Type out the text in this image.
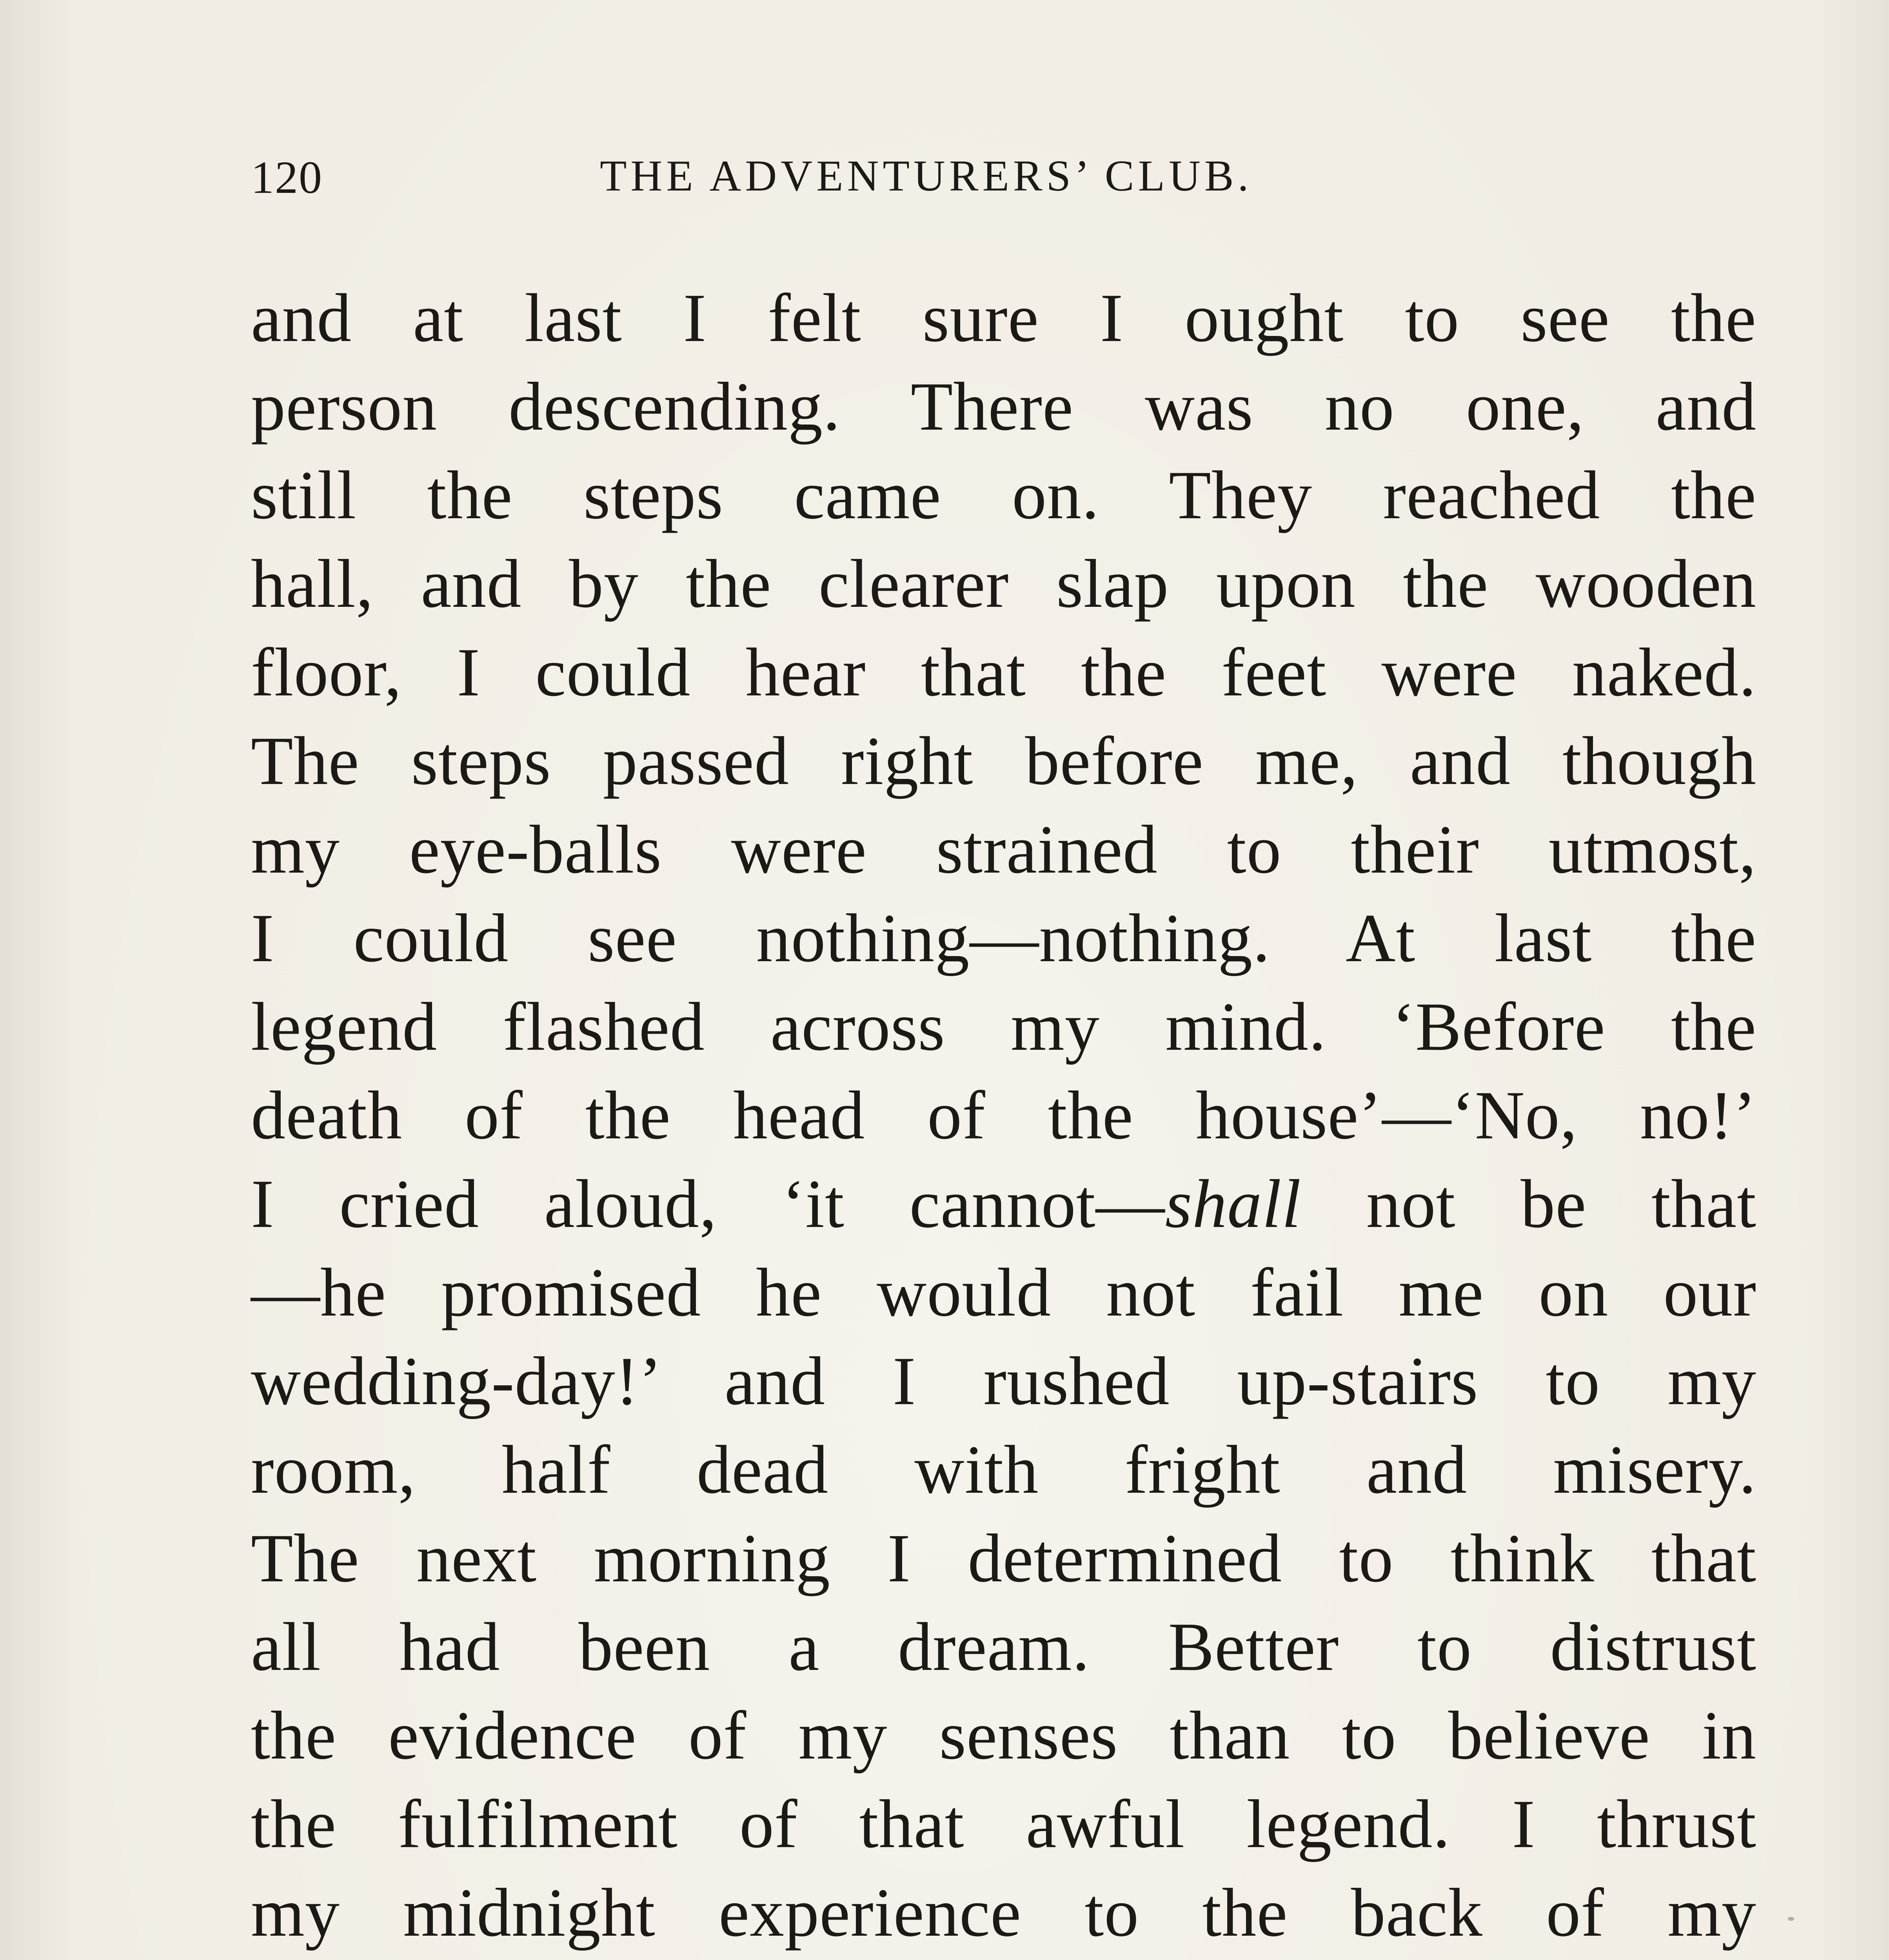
120	THE ADVENTURERS’ CLUB.
and at last I felt sure I ought to see the
person descending. There was no one, and
still the steps came on. They reached the
hall, and by the clearer slap upon the wooden
floor, I could hear that the feet were naked.
The steps passed right before me, and though
my eye-balls were strained to their utmost,
I could see nothing—nothing. At last the
legend flashed across my mind. ‘Before the
death of the head of the house’—‘No, no!’
I cried aloud, ‘it cannot—shall not be that
—he promised he would not fail me on our
wedding-day!’ and I rushed up-stairs to my
room, half dead with fright and misery.
The next morning I determined to think that
all had been a dream. Better to distrust
the evidence of my senses than to believe in
the fulfilment of that awful legend. I thrust
my midnight experience to the back of my
